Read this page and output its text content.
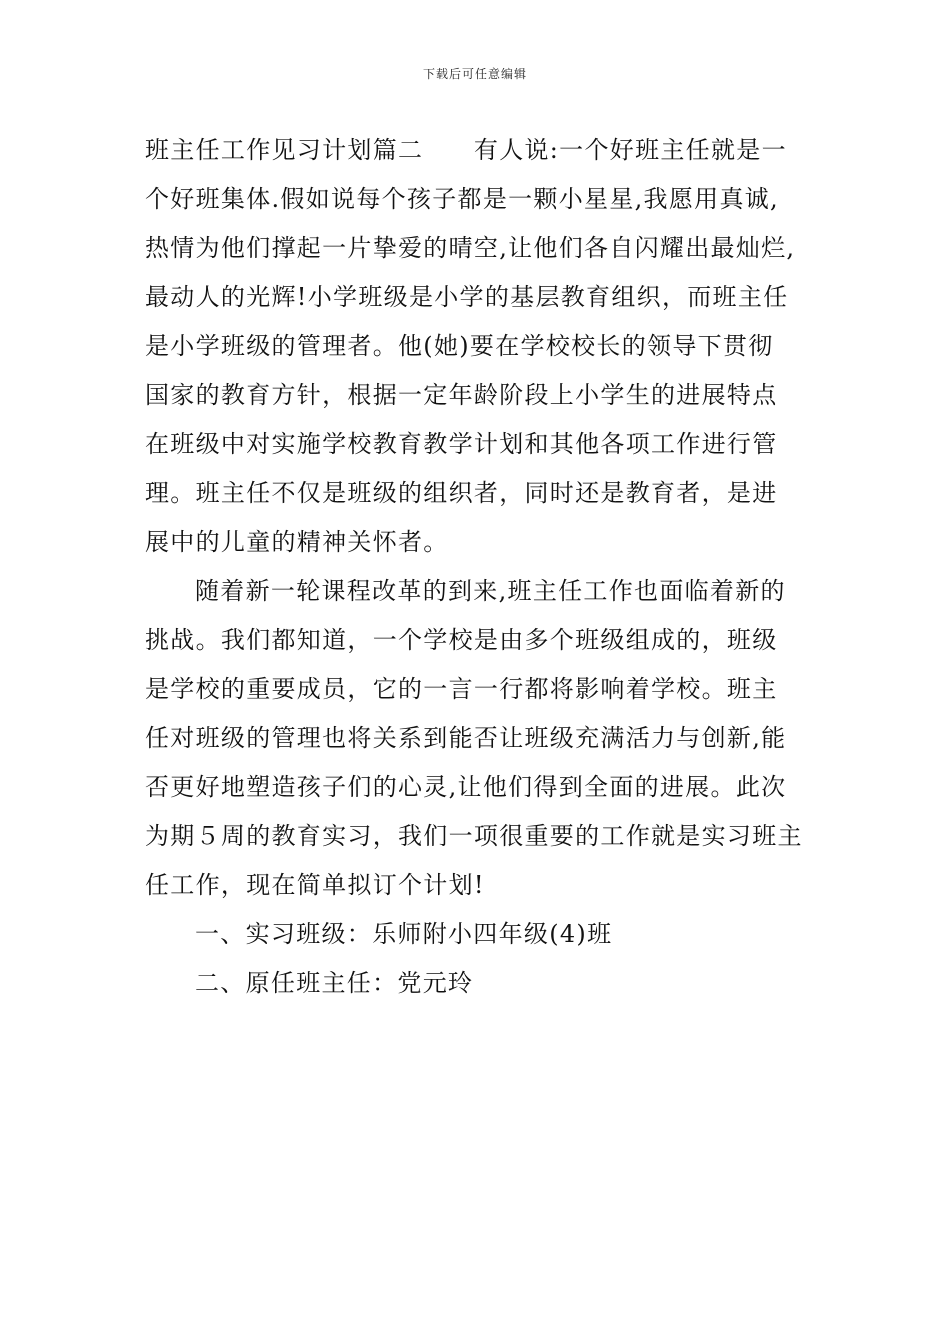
下载后可任意编辑
班主任工作见习计划篇二　　有人说:一个好班主任就是一
个好班集体.假如说每个孩子都是一颗小星星,我愿用真诚,
热情为他们撑起一片挚爱的晴空,让他们各自闪耀出最灿烂,
最动人的光辉!小学班级是小学的基层教育组织，而班主任
是小学班级的管理者。他(她)要在学校校长的领导下贯彻
国家的教育方针，根据一定年龄阶段上小学生的进展特点
在班级中对实施学校教育教学计划和其他各项工作进行管
理。班主任不仅是班级的组织者，同时还是教育者，是进
展中的儿童的精神关怀者。
随着新一轮课程改革的到来,班主任工作也面临着新的
挑战。我们都知道，一个学校是由多个班级组成的，班级
是学校的重要成员，它的一言一行都将影响着学校。班主
任对班级的管理也将关系到能否让班级充满活力与创新,能
否更好地塑造孩子们的心灵,让他们得到全面的进展。此次
为期５周的教育实习，我们一项很重要的工作就是实习班主
任工作，现在简单拟订个计划!
一、实习班级：乐师附小四年级(4)班
二、原任班主任：党元玲
